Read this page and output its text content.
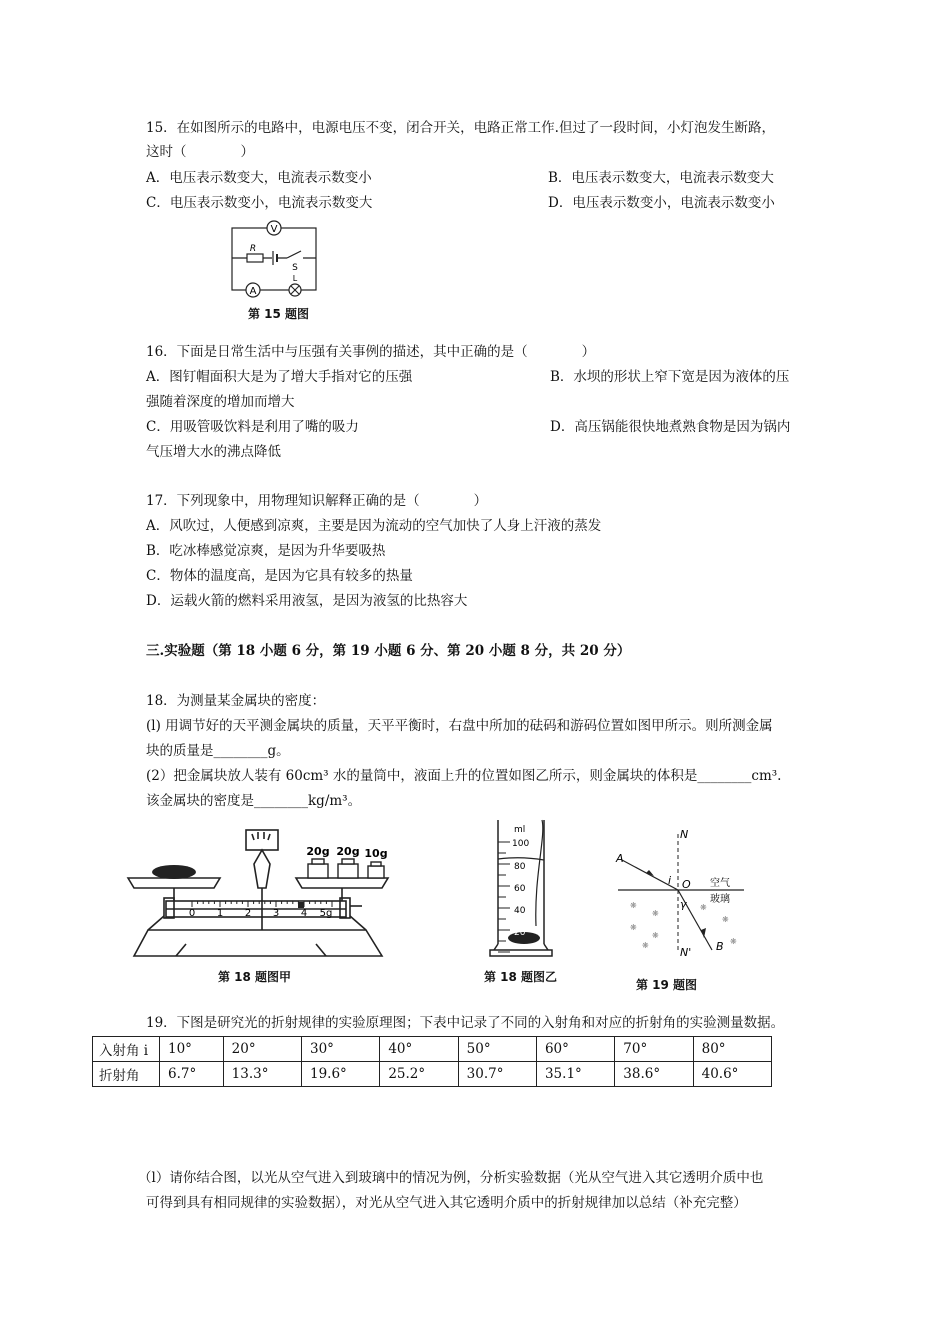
15．在如图所示的电路中，电源电压不变，闭合开关，电路正常工作.但过了一段时间，小灯泡发生断路，
这时（　　　　）
A．电压表示数变大，电流表示数变小	B．电压表示数变大，电流表示数变大
C．电压表示数变小，电流表示数变大	D．电压表示数变小，电流表示数变小
V
R
S
A
L
第 15 题图
16．下面是日常生活中与压强有关事例的描述，其中正确的是（　　　　）
A．图钉帽面积大是为了增大手指对它的压强	B．水坝的形状上窄下宽是因为液体的压
强随着深度的增加而增大
C．用吸管吸饮料是利用了嘴的吸力	D．高压锅能很快地煮熟食物是因为锅内
气压增大水的沸点降低
17．下列现象中，用物理知识解释正确的是（　　　　）
A．风吹过，人便感到凉爽，主要是因为流动的空气加快了人身上汗液的蒸发
B．吃冰棒感觉凉爽，是因为升华要吸热
C．物体的温度高，是因为它具有较多的热量
D．运载火箭的燃料采用液氢，是因为液氢的比热容大
三.实验题（第 18 小题 6 分，第 19 小题 6 分、第 20 小题 8 分，共 20 分）
18．为测量某金属块的密度：
(l) 用调节好的天平测金属块的质量，天平平衡时，右盘中所加的砝码和游码位置如图甲所示。则所测金属
块的质量是________g。
(2）把金属块放人装有 60cm³ 水的量筒中，液面上升的位置如图乙所示，则金属块的体积是________cm³.
该金属块的密度是________kg/m³。
20g 20g 10g
0 1 2 3 4 5g
第 18 题图甲
ml
100
80
60
40
20
第 18 题图乙
❋
❋
❋
❋
❋
❋
❋
❋
N
N'
A
B
O
i
γ
空气
玻璃
第 19 题图
19．下图是研究光的折射规律的实验原理图；下表中记录了不同的入射角和对应的折射角的实验测量数据。
入射角 i	10°	20°	30°	40°	50°	60°	70°	80°
折射角	6.7°	13.3°	19.6°	25.2°	30.7°	35.1°	38.6°	40.6°
（l）请你结合图，以光从空气进入到玻璃中的情况为例，分析实验数据（光从空气进入其它透明介质中也
可得到具有相同规律的实验数据），对光从空气进入其它透明介质中的折射规律加以总结（补充完整）
